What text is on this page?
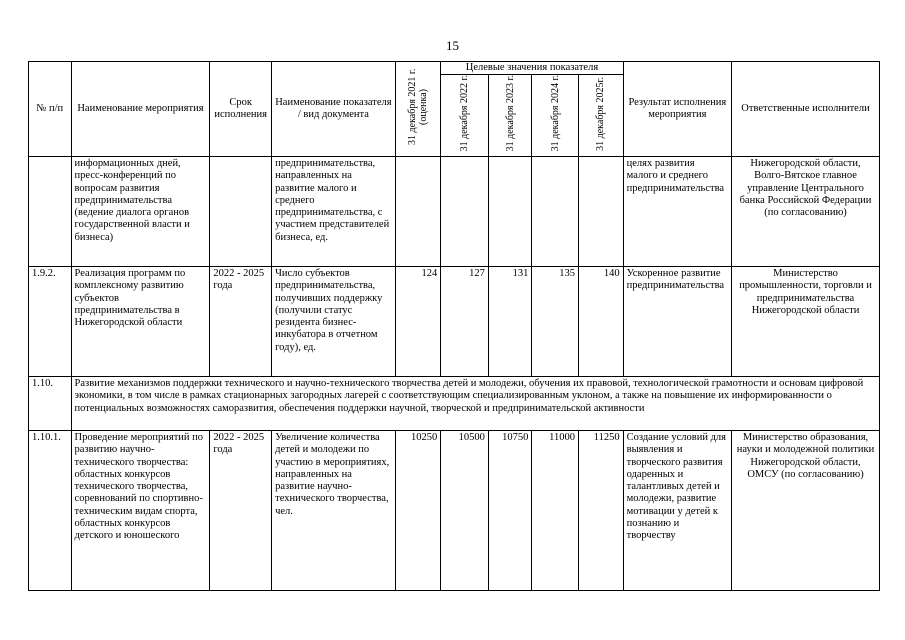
15
№ п/п	Наименование мероприятия	Срок исполнения	Наименование показателя / вид документа	31 декабря 2021 г. (оценка)	Целевые значения показателя				Результат исполнения мероприятия	Ответственные исполнители
					31 декабря 2022 г.	31 декабря 2023 г.	31 декабря 2024 г.	31 декабря 2025г.		
	информационных дней, пресс-конференций по вопросам развития предпринимательства (ведение диалога органов государственной власти и бизнеса)		предпринимательства, направленных на развитие малого и среднего предпринимательства, с участием представителей бизнеса, ед.						целях развития малого и среднего предпринимательства	Нижегородской области, Волго-Вятское главное управление Центрального банка Российской Федерации (по согласованию)
1.9.2.	Реализация программ по комплексному развитию субъектов предпринимательства в Нижегородской области	2022 - 2025 года	Число субъектов предпринимательства, получивших поддержку (получили статус резидента бизнес-инкубатора в отчетном году), ед.	124	127	131	135	140	Ускоренное развитие предпринимательства	Министерство промышленности, торговли и предпринимательства Нижегородской области
1.10.	Развитие механизмов поддержки технического и научно-технического творчества детей и молодежи, обучения их правовой, технологической грамотности и основам цифровой экономики, в том числе в рамках стационарных загородных лагерей с соответствующим специализированным уклоном, а также на повышение их информированности о потенциальных возможностях саморазвития, обеспечения поддержки научной, творческой и предпринимательской активности									
1.10.1.	Проведение мероприятий по развитию научно-технического творчества: областных конкурсов технического творчества, соревнований по спортивно-техническим видам спорта, областных конкурсов детского и юношеского	2022 - 2025 года	Увеличение количества детей и молодежи по участию в мероприятиях, направленных на развитие научно-технического творчества, чел.	10250	10500	10750	11000	11250	Создание условий для выявления и творческого развития одаренных и талантливых детей и молодежи, развитие мотивации у детей к познанию и творчеству	Министерство образования, науки и молодежной политики Нижегородской области, ОМСУ (по согласованию)
